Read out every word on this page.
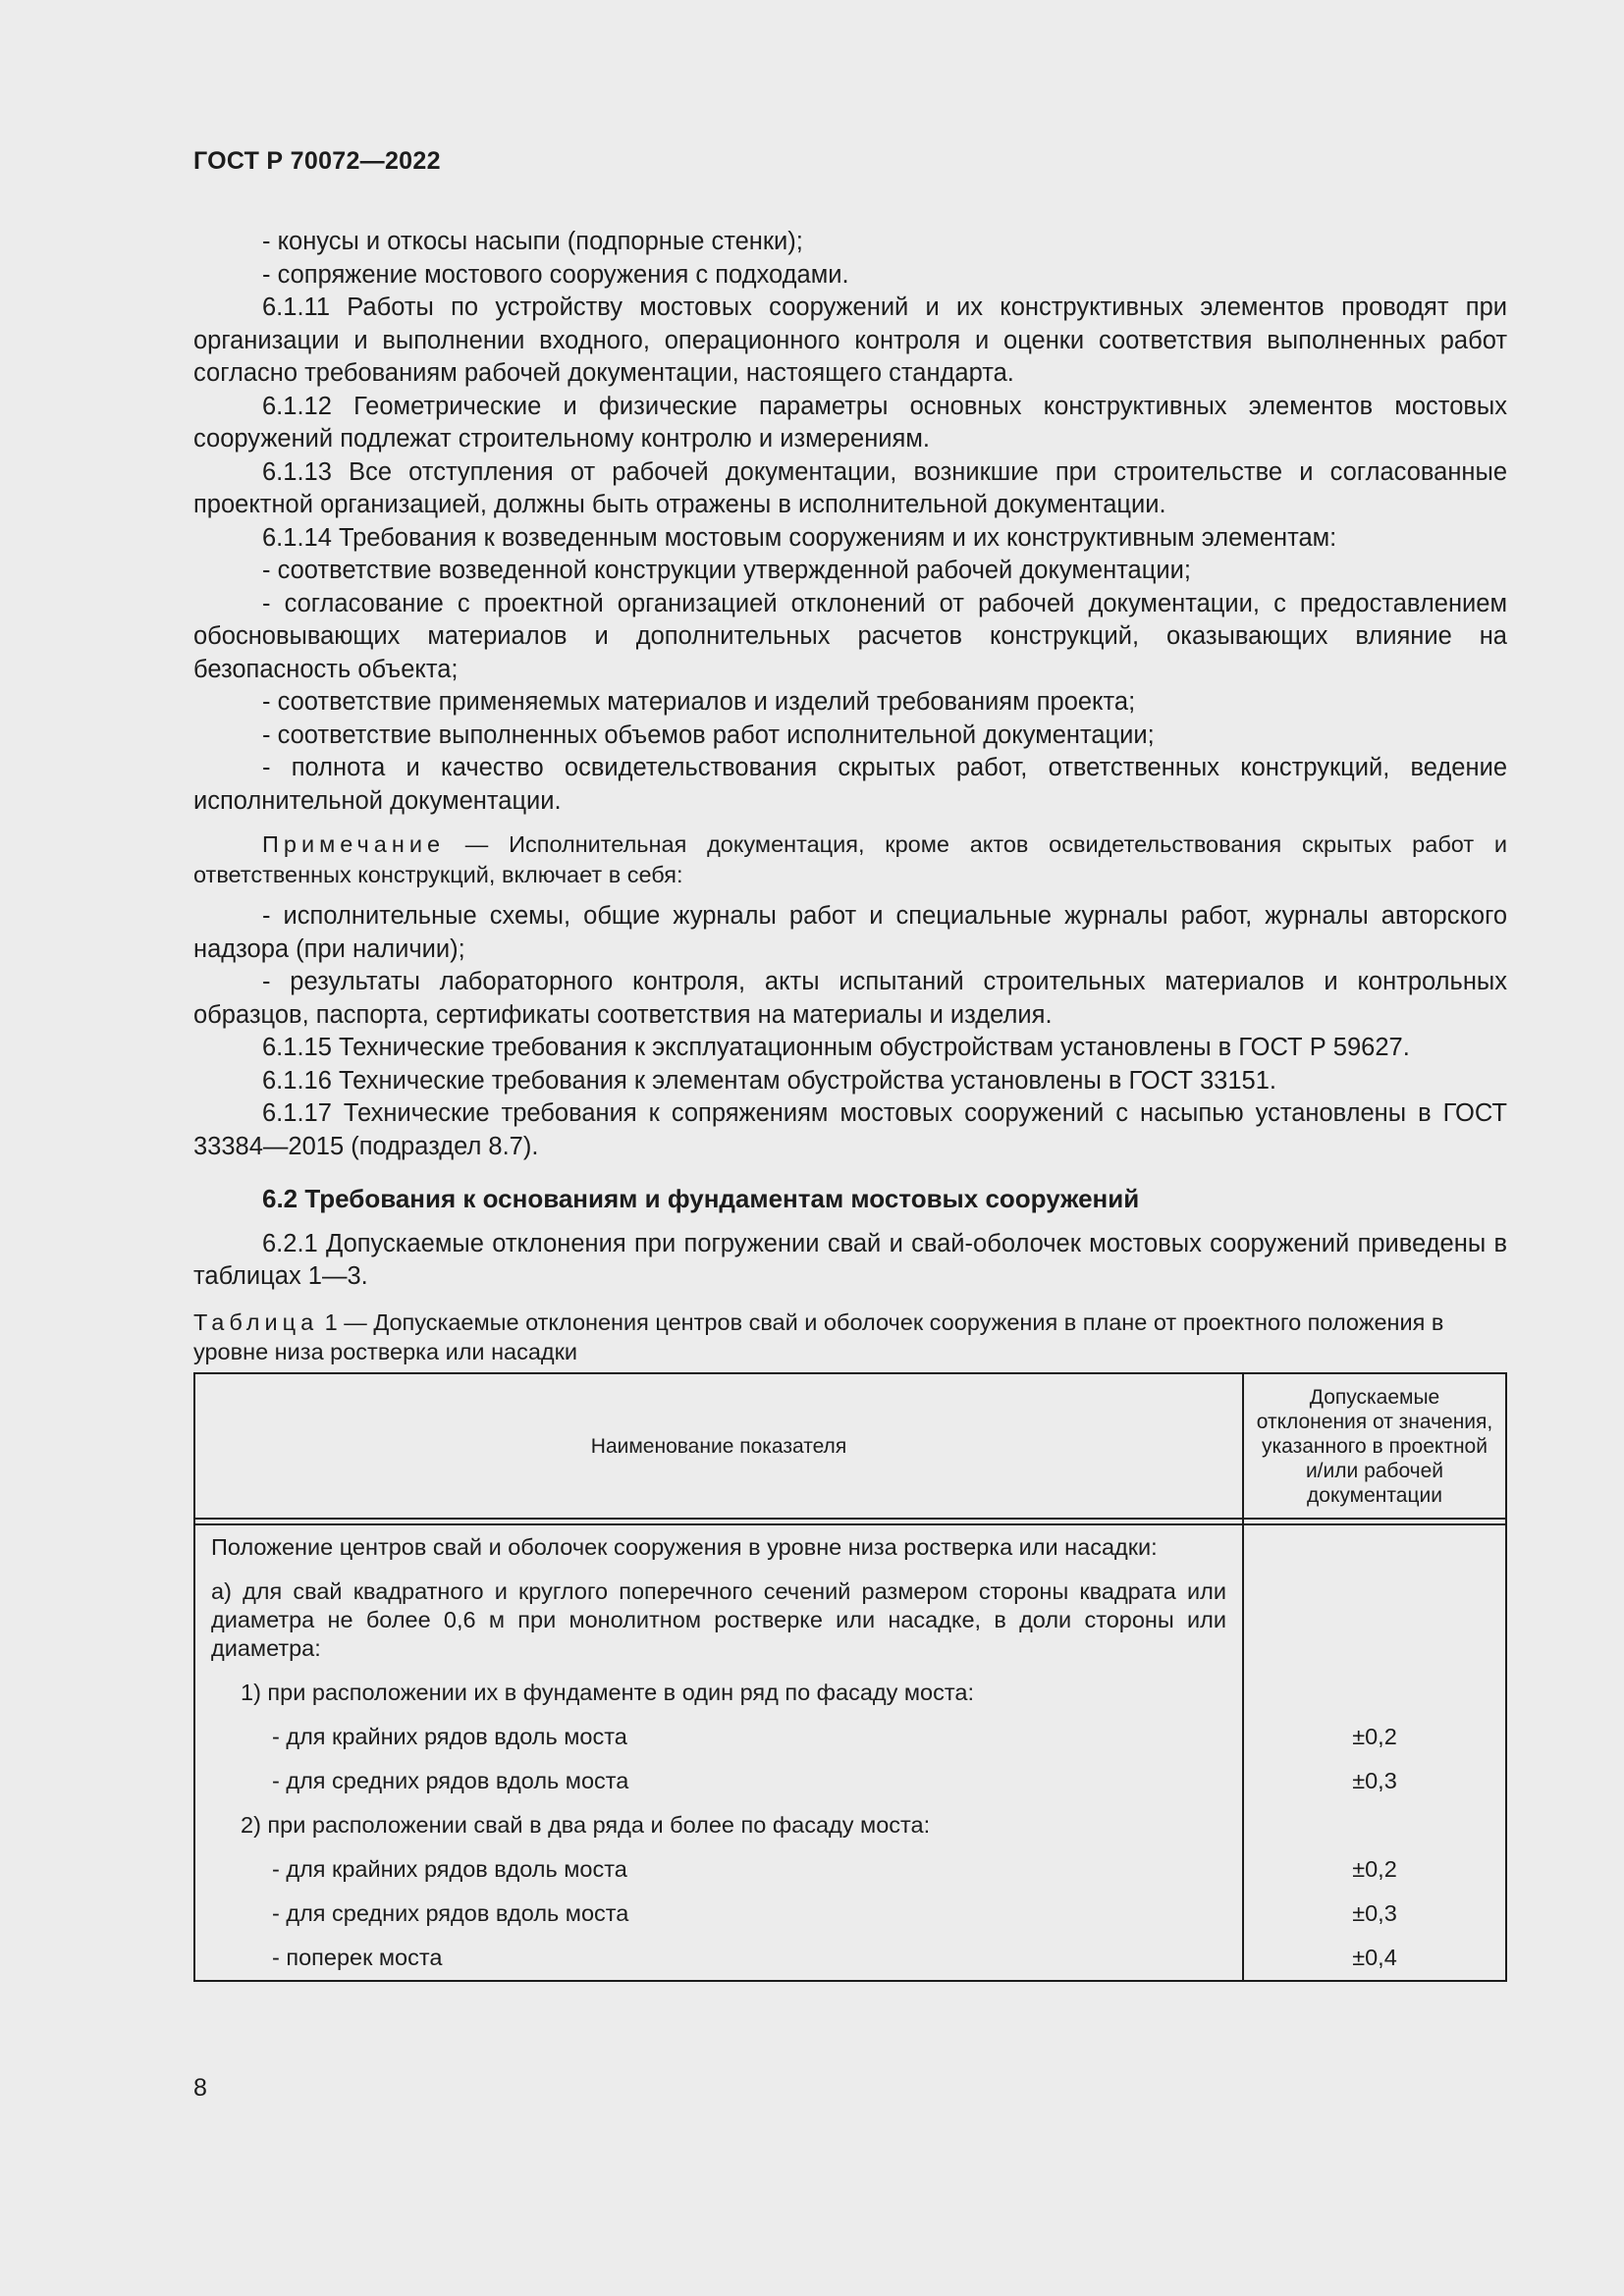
ГОСТ Р 70072—2022

- конусы и откосы насыпи (подпорные стенки);

- сопряжение мостового сооружения с подходами.

6.1.11 Работы по устройству мостовых сооружений и их конструктивных элементов проводят при организации и выполнении входного, операционного контроля и оценки соответствия выполненных работ согласно требованиям рабочей документации, настоящего стандарта.

6.1.12 Геометрические и физические параметры основных конструктивных элементов мостовых сооружений подлежат строительному контролю и измерениям.

6.1.13 Все отступления от рабочей документации, возникшие при строительстве и согласованные проектной организацией, должны быть отражены в исполнительной документации.

6.1.14 Требования к возведенным мостовым сооружениям и их конструктивным элементам:

- соответствие возведенной конструкции утвержденной рабочей документации;

- согласование с проектной организацией отклонений от рабочей документации, с предоставлением обосновывающих материалов и дополнительных расчетов конструкций, оказывающих влияние на безопасность объекта;

- соответствие применяемых материалов и изделий требованиям проекта;

- соответствие выполненных объемов работ исполнительной документации;

- полнота и качество освидетельствования скрытых работ, ответственных конструкций, ведение исполнительной документации.

Примечание — Исполнительная документация, кроме актов освидетельствования скрытых работ и ответственных конструкций, включает в себя:

- исполнительные схемы, общие журналы работ и специальные журналы работ, журналы авторского надзора (при наличии);

- результаты лабораторного контроля, акты испытаний строительных материалов и контрольных образцов, паспорта, сертификаты соответствия на материалы и изделия.

6.1.15 Технические требования к эксплуатационным обустройствам установлены в ГОСТ Р 59627.

6.1.16 Технические требования к элементам обустройства установлены в ГОСТ 33151.

6.1.17 Технические требования к сопряжениям мостовых сооружений с насыпью установлены в ГОСТ 33384—2015 (подраздел 8.7).

6.2 Требования к основаниям и фундаментам мостовых сооружений

6.2.1 Допускаемые отклонения при погружении свай и свай-оболочек мостовых сооружений приведены в таблицах 1—3.

Таблица 1 — Допускаемые отклонения центров свай и оболочек сооружения в плане от проектного положения в уровне низа ростверка или насадки
Наименование показателя	Допускаемые отклонения от значения, указанного в проектной и/или рабочей документации

Положение центров свай и оболочек сооружения в уровне низа ростверка или насадки:	
а) для свай квадратного и круглого поперечного сечений размером стороны квадрата или диаметра не более 0,6 м при монолитном ростверке или насадке, в доли стороны или диаметра:	
1) при расположении их в фундаменте в один ряд по фасаду моста:	
- для крайних рядов вдоль моста	±0,2
- для средних рядов вдоль моста	±0,3
2) при расположении свай в два ряда и более по фасаду моста:	
- для крайних рядов вдоль моста	±0,2
- для средних рядов вдоль моста	±0,3
- поперек моста	±0,4
8
